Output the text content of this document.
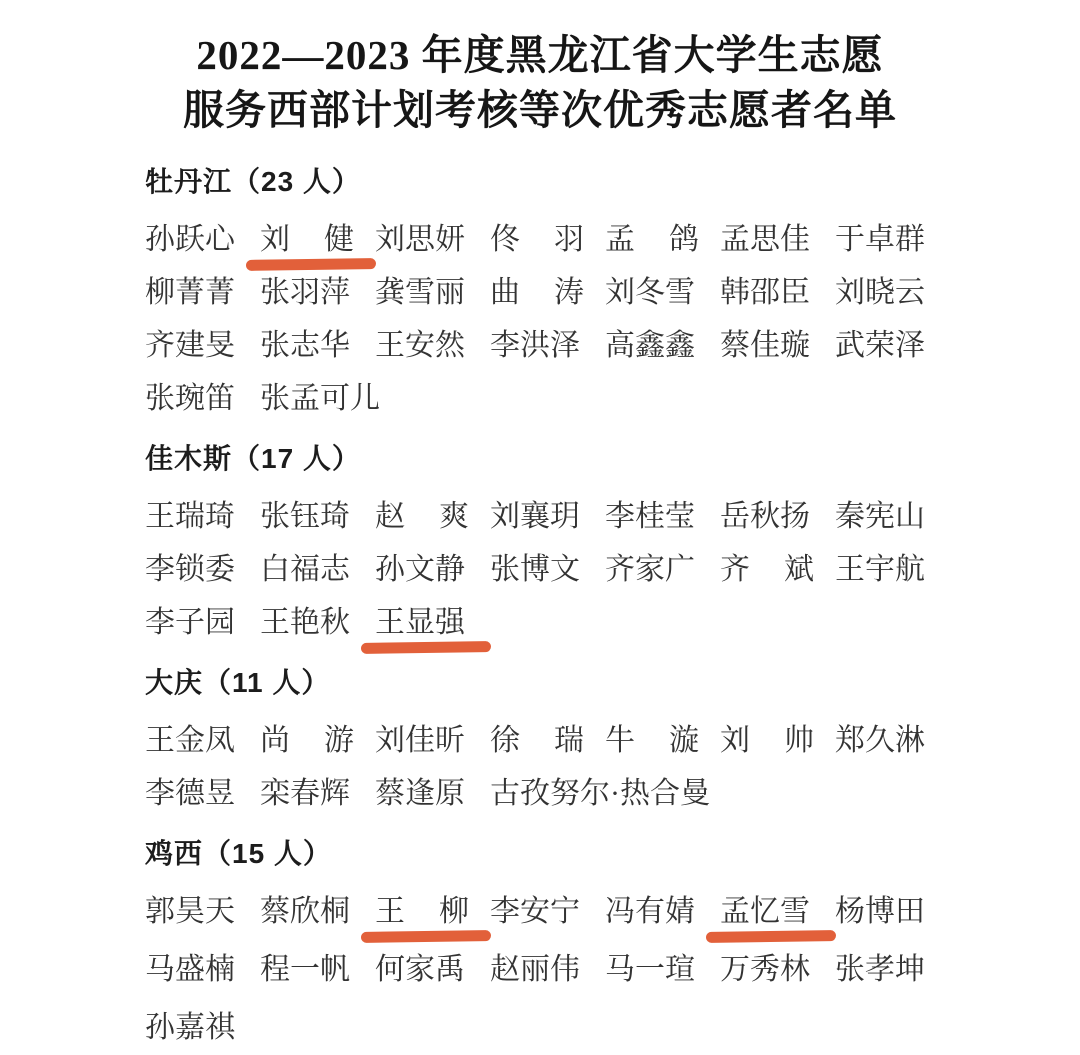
2022—2023 年度黑龙江省大学生志愿
服务西部计划考核等次优秀志愿者名单
牡丹江（23 人）
孙跃心 刘 健 刘思妍 佟 羽 孟 鸽 孟思佳 于卓群
柳菁菁 张羽萍 龚雪丽 曲 涛 刘冬雪 韩邵臣 刘晓云
齐建旻 张志华 王安然 李洪泽 高鑫鑫 蔡佳璇 武荣泽
张琬笛 张孟可儿
佳木斯（17 人）
王瑞琦 张钰琦 赵 爽 刘襄玥 李桂莹 岳秋扬 秦宪山
李锁委 白福志 孙文静 张博文 齐家广 齐 斌 王宇航
李子园 王艳秋 王显强
大庆（11 人）
王金凤 尚 游 刘佳昕 徐 瑞 牛 漩 刘 帅 郑久淋
李德昱 栾春辉 蔡逢原 古孜努尔·热合曼
鸡西（15 人）
郭昊天 蔡欣桐 王 柳 李安宁 冯有婧 孟忆雪 杨博田
马盛楠 程一帆 何家禹 赵丽伟 马一瑄 万秀林 张孝坤
孙嘉祺
